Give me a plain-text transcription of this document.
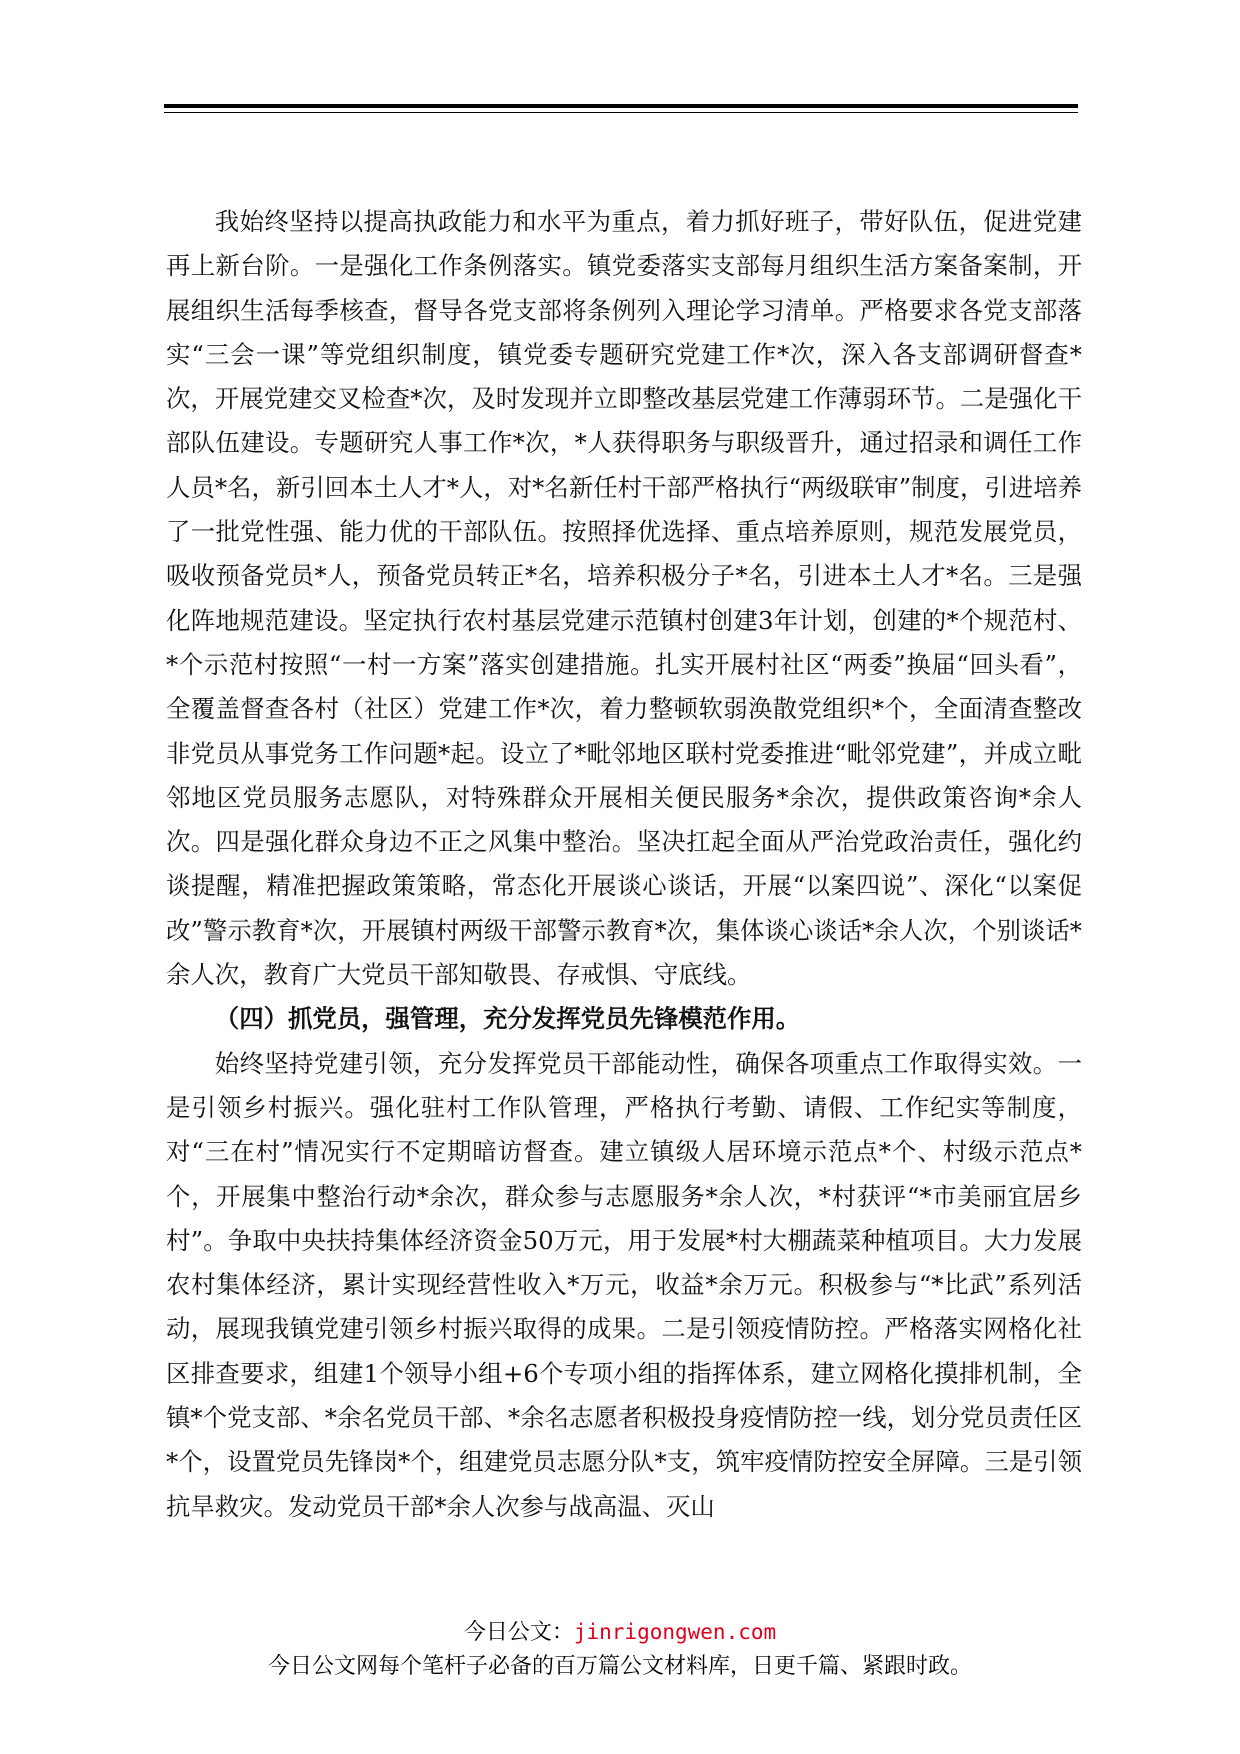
我始终坚持以提高执政能力和水平为重点，着力抓好班子，带好队伍，促进党建再上新台阶。一是强化工作条例落实。镇党委落实支部每月组织生活方案备案制，开展组织生活每季核查，督导各党支部将条例列入理论学习清单。严格要求各党支部落实“三会一课”等党组织制度，镇党委专题研究党建工作*次，深入各支部调研督查*次，开展党建交叉检查*次，及时发现并立即整改基层党建工作薄弱环节。二是强化干部队伍建设。专题研究人事工作*次，*人获得职务与职级晋升，通过招录和调任工作人员*名，新引回本土人才*人，对*名新任村干部严格执行“两级联审”制度，引进培养了一批党性强、能力优的干部队伍。按照择优选择、重点培养原则，规范发展党员，吸收预备党员*人，预备党员转正*名，培养积极分子*名，引进本土人才*名。三是强化阵地规范建设。坚定执行农村基层党建示范镇村创建3年计划，创建的*个规范村、*个示范村按照“一村一方案”落实创建措施。扎实开展村社区“两委”换届“回头看”，全覆盖督查各村（社区）党建工作*次，着力整顿软弱涣散党组织*个，全面清查整改非党员从事党务工作问题*起。设立了*毗邻地区联村党委推进“毗邻党建”，并成立毗邻地区党员服务志愿队，对特殊群众开展相关便民服务*余次，提供政策咨询*余人次。四是强化群众身边不正之风集中整治。坚决扛起全面从严治党政治责任，强化约谈提醒，精准把握政策策略，常态化开展谈心谈话，开展“以案四说”、深化“以案促改”警示教育*次，开展镇村两级干部警示教育*次，集体谈心谈话*余人次，个别谈话*余人次，教育广大党员干部知敬畏、存戒惧、守底线。

（四）抓党员，强管理，充分发挥党员先锋模范作用。

始终坚持党建引领，充分发挥党员干部能动性，确保各项重点工作取得实效。一是引领乡村振兴。强化驻村工作队管理，严格执行考勤、请假、工作纪实等制度，对“三在村”情况实行不定期暗访督查。建立镇级人居环境示范点*个、村级示范点*个，开展集中整治行动*余次，群众参与志愿服务*余人次，*村获评“*市美丽宜居乡村”。争取中央扶持集体经济资金50万元，用于发展*村大棚蔬菜种植项目。大力发展农村集体经济，累计实现经营性收入*万元，收益*余万元。积极参与“*比武”系列活动，展现我镇党建引领乡村振兴取得的成果。二是引领疫情防控。严格落实网格化社区排查要求，组建1个领导小组+6个专项小组的指挥体系，建立网格化摸排机制，全镇*个党支部、*余名党员干部、*余名志愿者积极投身疫情防控一线，划分党员责任区*个，设置党员先锋岗*个，组建党员志愿分队*支，筑牢疫情防控安全屏障。三是引领抗旱救灾。发动党员干部*余人次参与战高温、灭山

今日公文：jinrigongwen.com
今日公文网每个笔杆子必备的百万篇公文材料库，日更千篇、紧跟时政。
